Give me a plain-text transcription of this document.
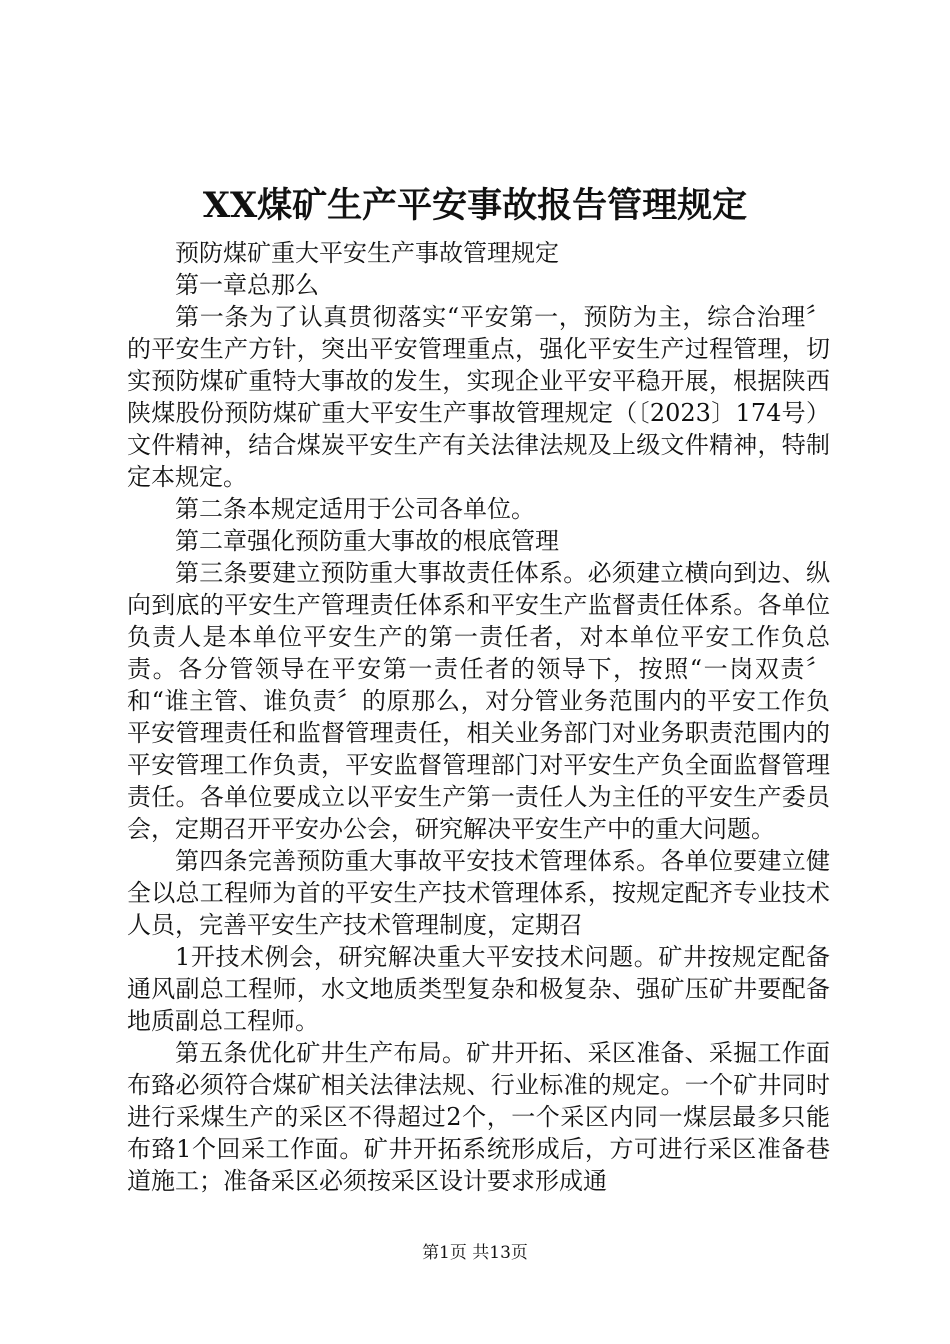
XX煤矿生产平安事故报告管理规定

预防煤矿重大平安生产事故管理规定

第一章总那么

第一条为了认真贯彻落实“平安第一，预防为主，综合治理〞的平安生产方针，突出平安管理重点，强化平安生产过程管理，切实预防煤矿重特大事故的发生，实现企业平安平稳开展，根据陕西陕煤股份预防煤矿重大平安生产事故管理规定（〔2023〕174号）文件精神，结合煤炭平安生产有关法律法规及上级文件精神，特制定本规定。

第二条本规定适用于公司各单位。

第二章强化预防重大事故的根底管理

第三条要建立预防重大事故责任体系。必须建立横向到边、纵向到底的平安生产管理责任体系和平安生产监督责任体系。各单位负责人是本单位平安生产的第一责任者，对本单位平安工作负总责。各分管领导在平安第一责任者的领导下，按照“一岗双责〞和“谁主管、谁负责〞的原那么，对分管业务范围内的平安工作负平安管理责任和监督管理责任，相关业务部门对业务职责范围内的平安管理工作负责，平安监督管理部门对平安生产负全面监督管理责任。各单位要成立以平安生产第一责任人为主任的平安生产委员会，定期召开平安办公会，研究解决平安生产中的重大问题。

第四条完善预防重大事故平安技术管理体系。各单位要建立健全以总工程师为首的平安生产技术管理体系，按规定配齐专业技术人员，完善平安生产技术管理制度，定期召

1开技术例会，研究解决重大平安技术问题。矿井按规定配备通风副总工程师，水文地质类型复杂和极复杂、强矿压矿井要配备地质副总工程师。

第五条优化矿井生产布局。矿井开拓、采区准备、采掘工作面布臵必须符合煤矿相关法律法规、行业标准的规定。一个矿井同时进行采煤生产的采区不得超过2个，一个采区内同一煤层最多只能布臵1个回采工作面。矿井开拓系统形成后，方可进行采区准备巷道施工；准备采区必须按采区设计要求形成通

第1页 共13页
